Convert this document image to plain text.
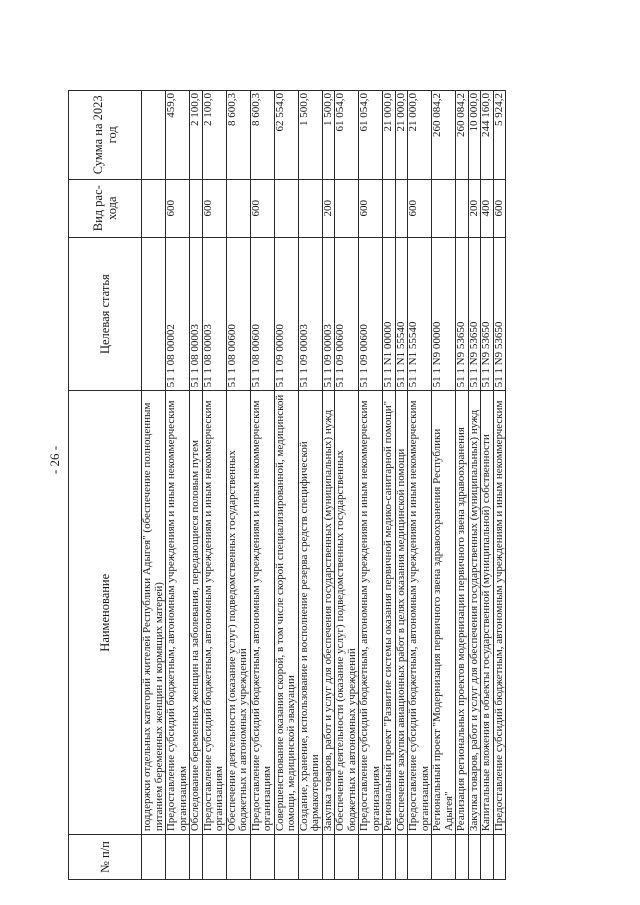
- 26 -
№ п/п	Наименование	Целевая статья	Вид рас-хода	Сумма на 2023 год
	поддержки отдельных категорий жителей Республики Адыгея" (обеспечение полноценным питанием беременных женщин и кормящих матерей)			
	Предоставление субсидий бюджетным, автономным учреждениям и иным некоммерческим организациям	51 1 08 00002	600	459,0
	Обследование беременных женщин на заболевания, передающиеся половым путем	51 1 08 00003		2 100,0
	Предоставление субсидий бюджетным, автономным учреждениям и иным некоммерческим организациям	51 1 08 00003	600	2 100,0
	Обеспечение деятельности (оказание услуг) подведомственных государственных бюджетных и автономных учреждений	51 1 08 00600		8 600,3
	Предоставление субсидий бюджетным, автономным учреждениям и иным некоммерческим организациям	51 1 08 00600	600	8 600,3
	Совершенствование оказания скорой, в том числе скорой специализированной, медицинской помощи, медицинской эвакуации	51 1 09 00000		62 554,0
	Создание, хранение, использование и восполнение резерва средств специфической фармакотерапии	51 1 09 00003		1 500,0
	Закупка товаров, работ и услуг для обеспечения государственных (муниципальных) нужд	51 1 09 00003	200	1 500,0
	Обеспечение деятельности (оказание услуг) подведомственных государственных бюджетных и автономных учреждений	51 1 09 00600		61 054,0
	Предоставление субсидий бюджетным, автономным учреждениям и иным некоммерческим организациям	51 1 09 00600	600	61 054,0
	Региональный проект "Развитие системы оказания первичной медико-санитарной помощи"	51 1 N1 00000		21 000,0
	Обеспечение закупки авиационных работ в целях оказания медицинской помощи	51 1 N1 55540		21 000,0
	Предоставление субсидий бюджетным, автономным учреждениям и иным некоммерческим организациям	51 1 N1 55540	600	21 000,0
	Региональный проект "Модернизация первичного звена здравоохранения Республики Адыгея"	51 1 N9 00000		260 084,2
	Реализация региональных проектов модернизации первичного звена здравоохранения	51 1 N9 53650		260 084,2
	Закупка товаров, работ и услуг для обеспечения государственных (муниципальных) нужд	51 1 N9 53650	200	10 000,0
	Капитальные вложения в объекты государственной (муниципальной) собственности	51 1 N9 53650	400	244 160,0
	Предоставление субсидий бюджетным, автономным учреждениям и иным некоммерческим	51 1 N9 53650	600	5 924,2
